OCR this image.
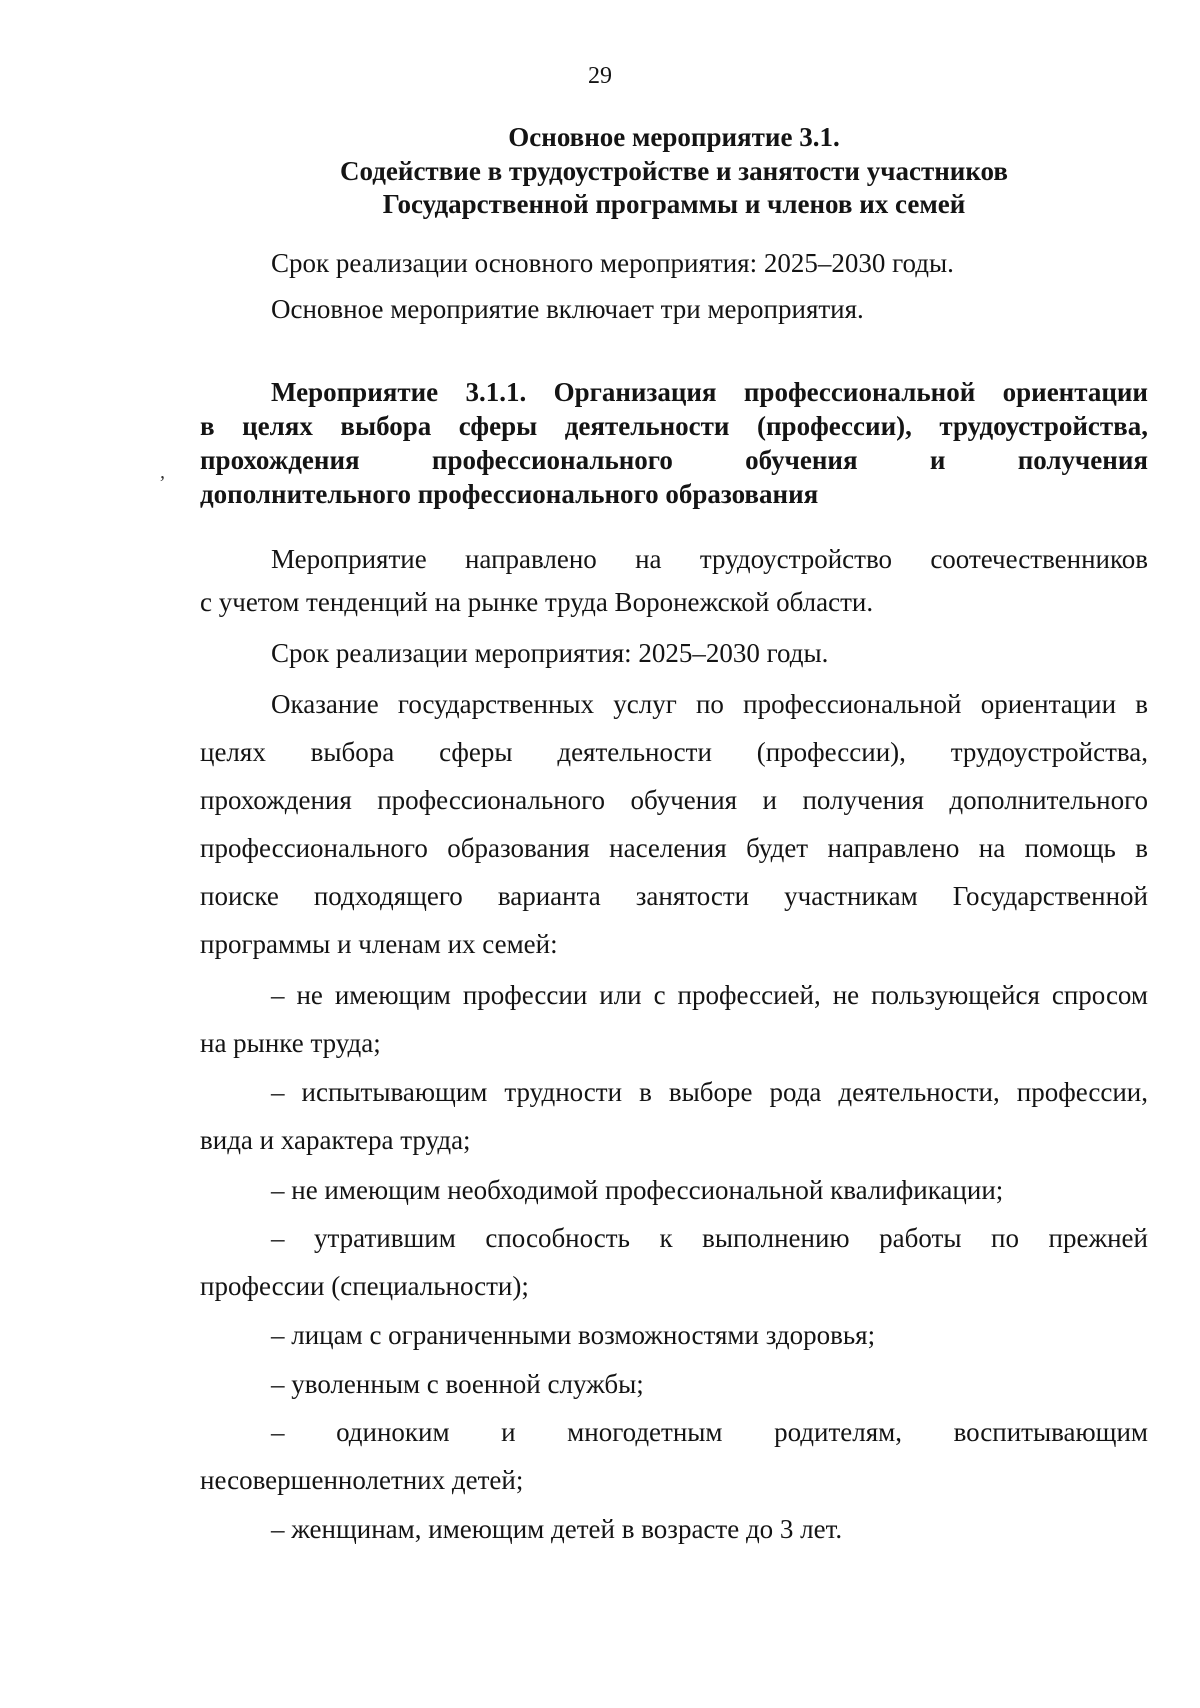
29
Основное мероприятие 3.1.
Содействие в трудоустройстве и занятости участников
Государственной программы и членов их семей
Срок реализации основного мероприятия: 2025–2030 годы.
Основное мероприятие включает три мероприятия.
,
Мероприятие 3.1.1. Организация профессиональной ориентации
в целях выбора сферы деятельности (профессии), трудоустройства,
прохождения профессионального обучения и получения
дополнительного профессионального образования
Мероприятие направлено на трудоустройство соотечественников
с учетом тенденций на рынке труда Воронежской области.
Срок реализации мероприятия: 2025–2030 годы.
Оказание государственных услуг по профессиональной ориентации в
целях выбора сферы деятельности (профессии), трудоустройства,
прохождения профессионального обучения и получения дополнительного
профессионального образования населения будет направлено на помощь в
поиске подходящего варианта занятости участникам Государственной
программы и членам их семей:
– не имеющим профессии или с профессией, не пользующейся спросом
на рынке труда;
– испытывающим трудности в выборе рода деятельности, профессии,
вида и характера труда;
– не имеющим необходимой профессиональной квалификации;
– утратившим способность к выполнению работы по прежней
профессии (специальности);
– лицам с ограниченными возможностями здоровья;
– уволенным с военной службы;
– одиноким и многодетным родителям, воспитывающим
несовершеннолетних детей;
– женщинам, имеющим детей в возрасте до 3 лет.
